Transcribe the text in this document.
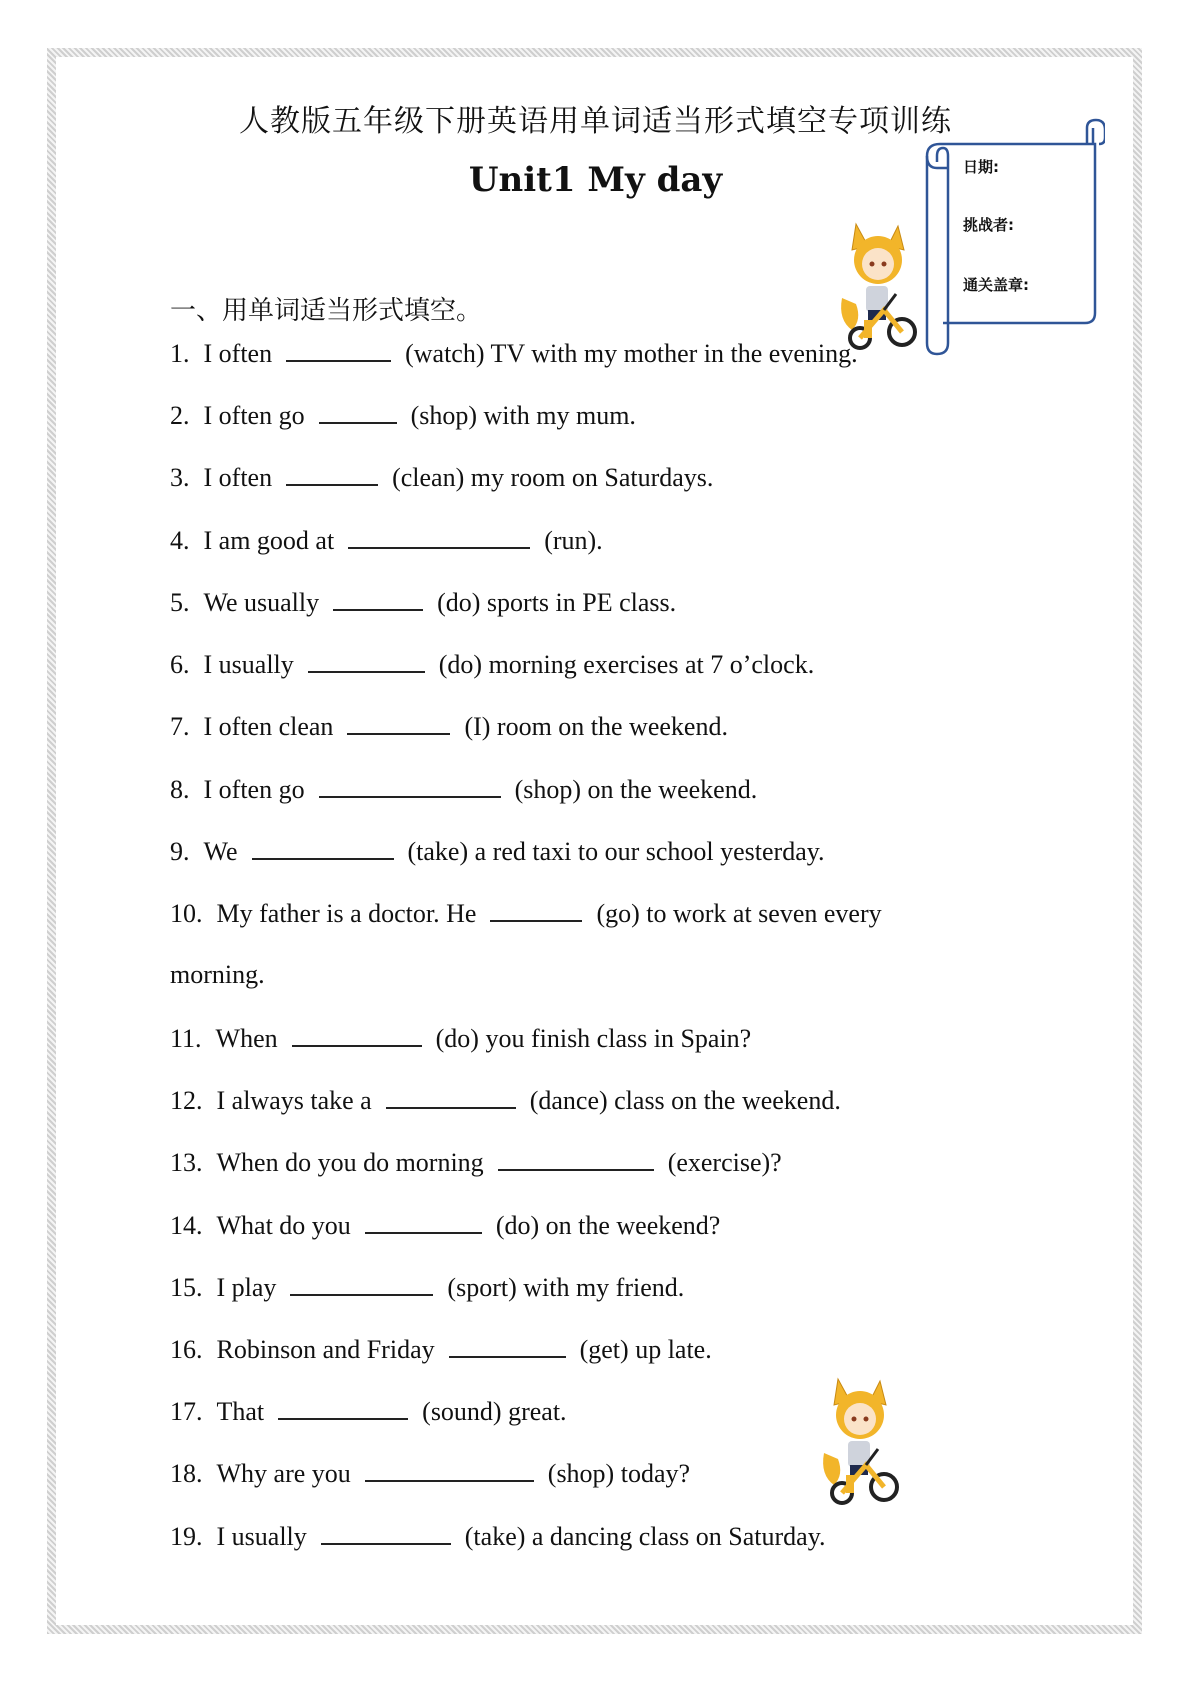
人教版五年级下册英语用单词适当形式填空专项训练
Unit1 My day	日期:
挑战者:
通关盖章:
一、用单词适当形式填空。
1. I often	(watch) TV with my mother in the evening.
2. I often go	(shop) with my mum.
3. I often	(clean) my room on Saturdays.
4. I am good at	(run).
5. We usually	(do) sports in PE class.
6. I usually	(do) morning exercises at 7 o’clock.
7. I often clean	(I) room on the weekend.
8. I often go	(shop) on the weekend.
9. We	(take) a red taxi to our school yesterday.
10. My father is a doctor. He	(go) to work at seven every
morning.
11. When	(do) you finish class in Spain?
12. I always take a	(dance) class on the weekend.
13. When do you do morning	(exercise)?
14. What do you	(do) on the weekend?
15. I play	(sport) with my friend.
16. Robinson and Friday	(get) up late.
17. That	(sound) great.
18. Why are you	(shop) today?
19. I usually	(take) a dancing class on Saturday.
